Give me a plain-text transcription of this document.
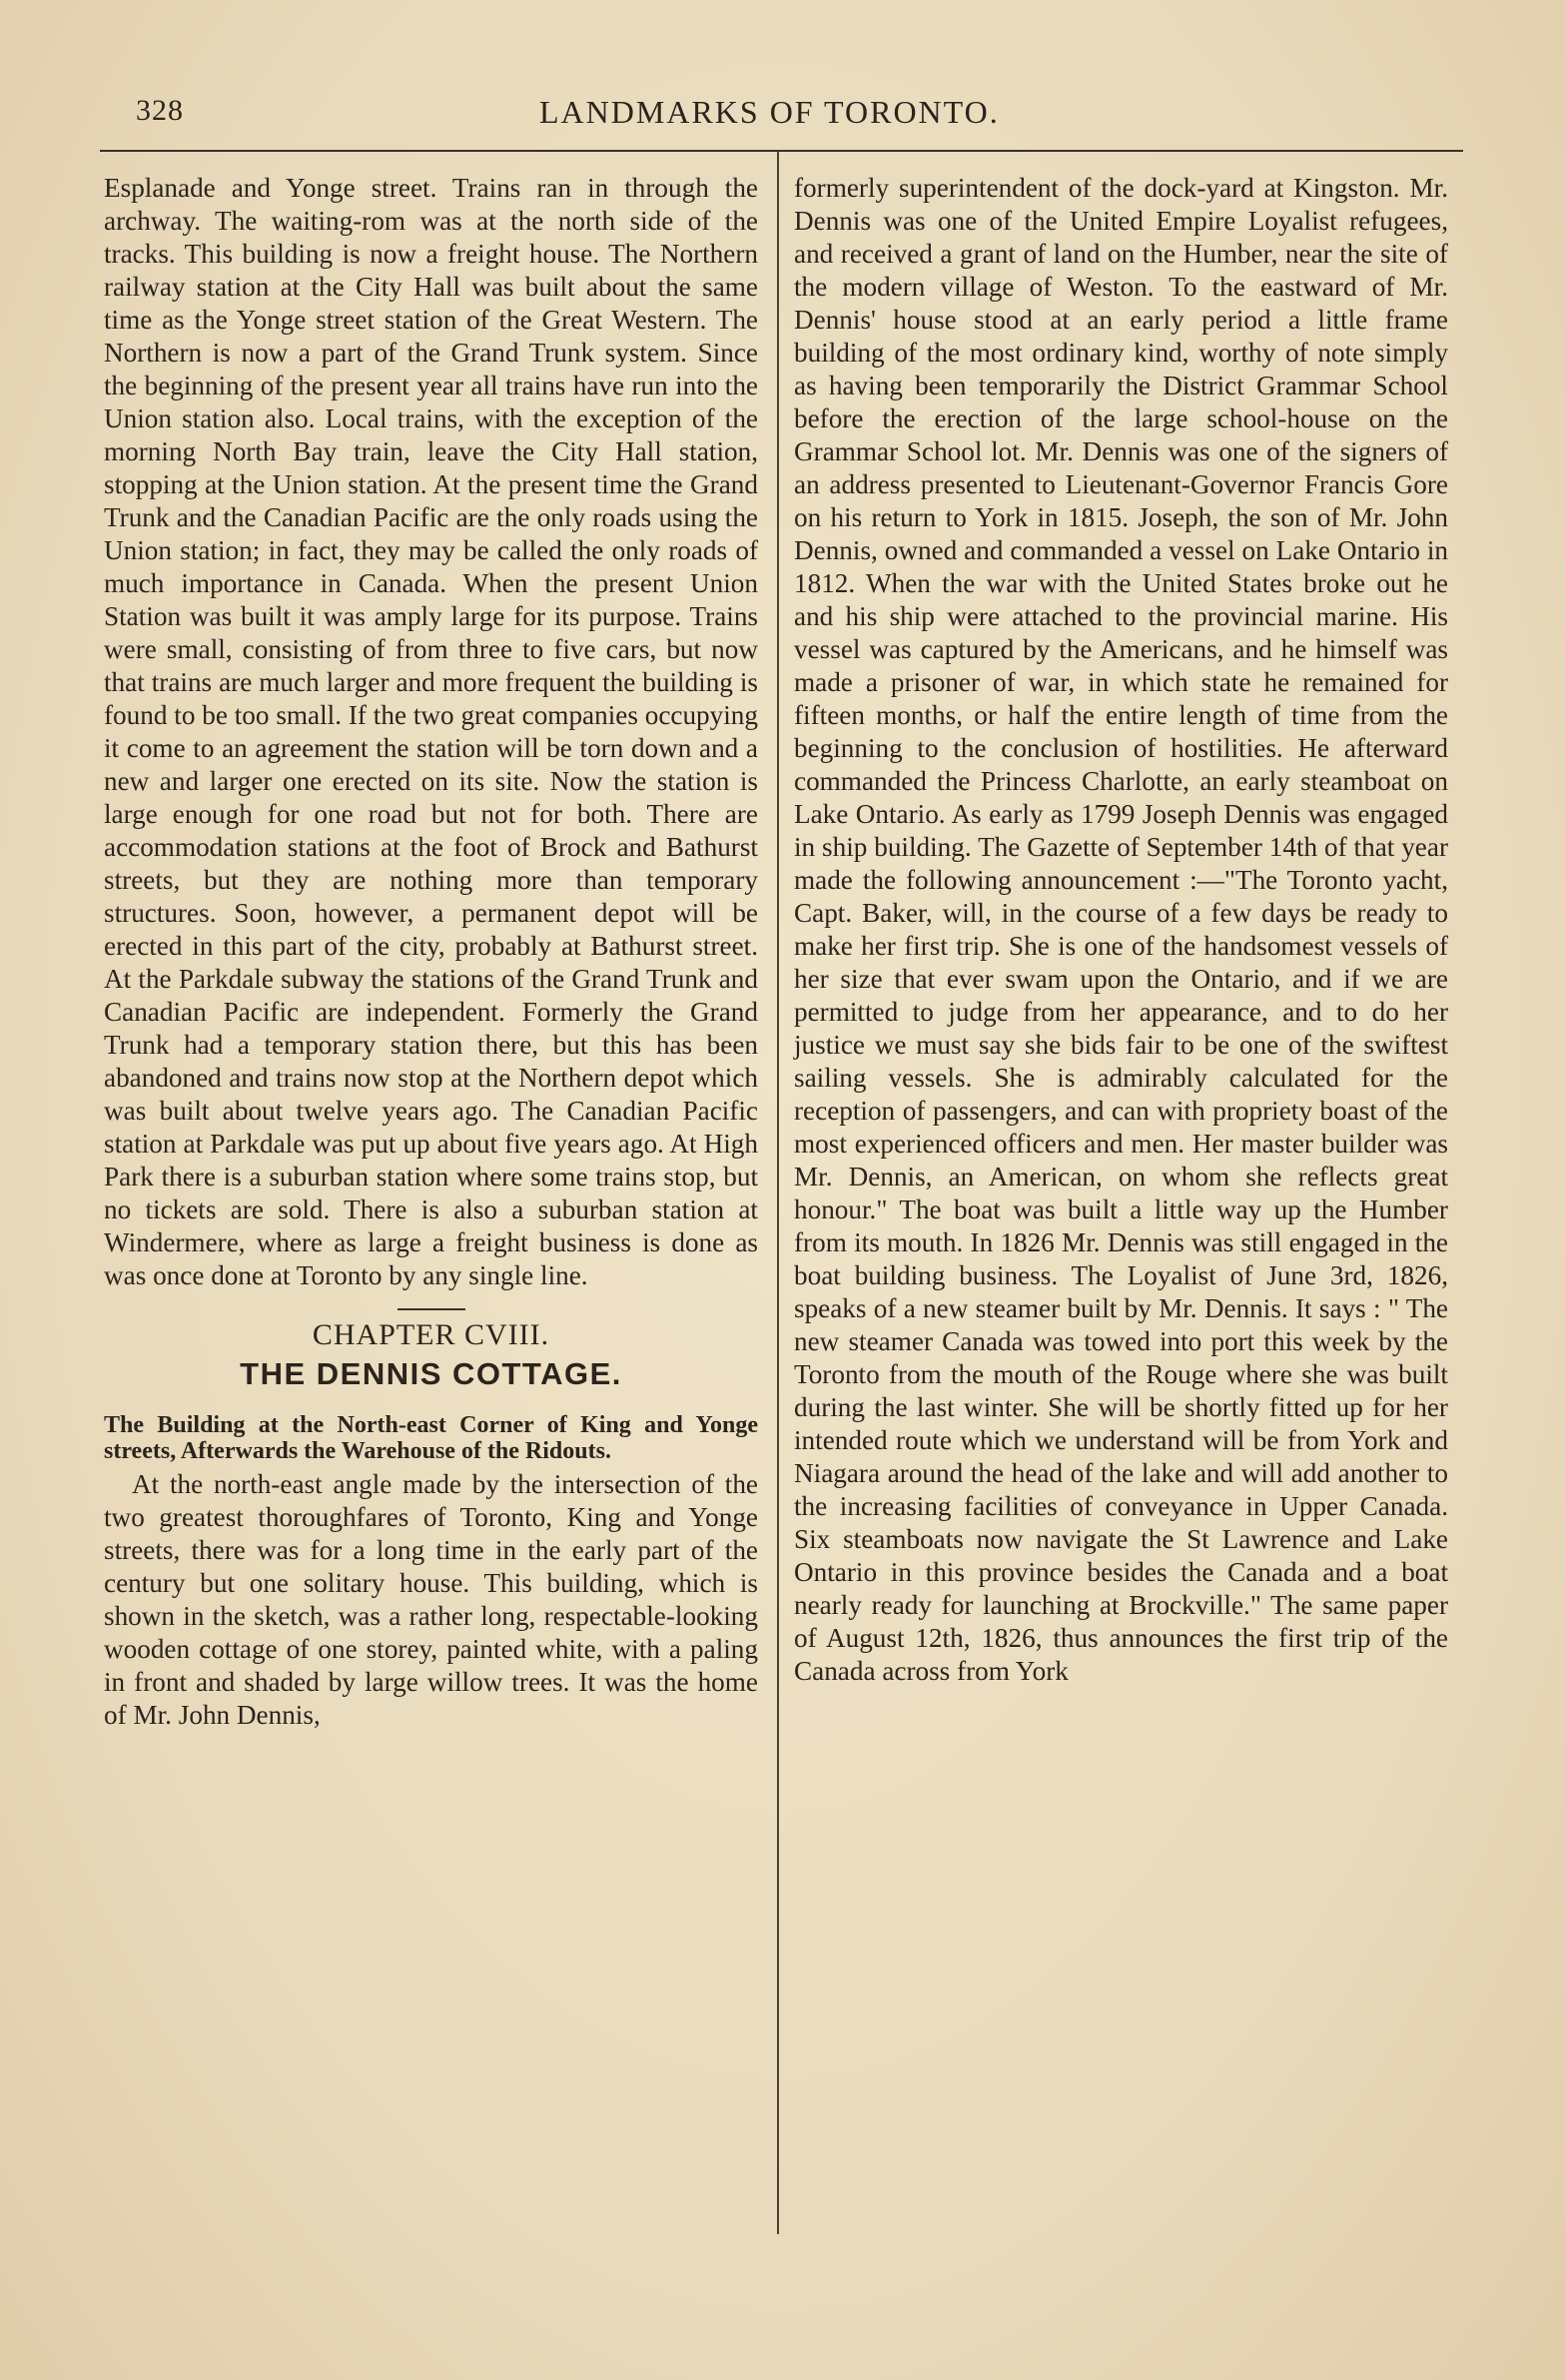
328	LANDMARKS OF TORONTO.

Esplanade and Yonge street. Trains ran in through the archway. The waiting-rom was at the north side of the tracks. This building is now a freight house. The Northern railway station at the City Hall was built about the same time as the Yonge street station of the Great Western. The Northern is now a part of the Grand Trunk system. Since the beginning of the present year all trains have run into the Union station also. Local trains, with the exception of the morning North Bay train, leave the City Hall station, stopping at the Union station. At the present time the Grand Trunk and the Canadian Pacific are the only roads using the Union station; in fact, they may be called the only roads of much importance in Canada. When the present Union Station was built it was amply large for its purpose. Trains were small, consisting of from three to five cars, but now that trains are much larger and more frequent the building is found to be too small. If the two great companies occupying it come to an agreement the station will be torn down and a new and larger one erected on its site. Now the station is large enough for one road but not for both. There are accommodation stations at the foot of Brock and Bathurst streets, but they are nothing more than temporary structures. Soon, however, a permanent depot will be erected in this part of the city, probably at Bathurst street. At the Parkdale subway the stations of the Grand Trunk and Canadian Pacific are independent. Formerly the Grand Trunk had a temporary station there, but this has been abandoned and trains now stop at the Northern depot which was built about twelve years ago. The Canadian Pacific station at Parkdale was put up about five years ago. At High Park there is a suburban station where some trains stop, but no tickets are sold. There is also a suburban station at Windermere, where as large a freight business is done as was once done at Toronto by any single line.

CHAPTER CVIII.
THE DENNIS COTTAGE.
The Building at the North-east Corner of King and Yonge streets, Afterwards the Warehouse of the Ridouts.

At the north-east angle made by the intersection of the two greatest thoroughfares of Toronto, King and Yonge streets, there was for a long time in the early part of the century but one solitary house. This building, which is shown in the sketch, was a rather long, respectable-looking wooden cottage of one storey, painted white, with a paling in front and shaded by large willow trees. It was the home of Mr. John Dennis,

formerly superintendent of the dock-yard at Kingston. Mr. Dennis was one of the United Empire Loyalist refugees, and received a grant of land on the Humber, near the site of the modern village of Weston. To the eastward of Mr. Dennis' house stood at an early period a little frame building of the most ordinary kind, worthy of note simply as having been temporarily the District Grammar School before the erection of the large school-house on the Grammar School lot. Mr. Dennis was one of the signers of an address presented to Lieutenant-Governor Francis Gore on his return to York in 1815. Joseph, the son of Mr. John Dennis, owned and commanded a vessel on Lake Ontario in 1812. When the war with the United States broke out he and his ship were attached to the provincial marine. His vessel was captured by the Americans, and he himself was made a prisoner of war, in which state he remained for fifteen months, or half the entire length of time from the beginning to the conclusion of hostilities. He afterward commanded the Princess Charlotte, an early steamboat on Lake Ontario. As early as 1799 Joseph Dennis was engaged in ship building. The Gazette of September 14th of that year made the following announcement :—"The Toronto yacht, Capt. Baker, will, in the course of a few days be ready to make her first trip. She is one of the handsomest vessels of her size that ever swam upon the Ontario, and if we are permitted to judge from her appearance, and to do her justice we must say she bids fair to be one of the swiftest sailing vessels. She is admirably calculated for the reception of passengers, and can with propriety boast of the most experienced officers and men. Her master builder was Mr. Dennis, an American, on whom she reflects great honour." The boat was built a little way up the Humber from its mouth. In 1826 Mr. Dennis was still engaged in the boat building business. The Loyalist of June 3rd, 1826, speaks of a new steamer built by Mr. Dennis. It says : " The new steamer Canada was towed into port this week by the Toronto from the mouth of the Rouge where she was built during the last winter. She will be shortly fitted up for her intended route which we understand will be from York and Niagara around the head of the lake and will add another to the increasing facilities of conveyance in Upper Canada. Six steamboats now navigate the St Lawrence and Lake Ontario in this province besides the Canada and a boat nearly ready for launching at Brockville." The same paper of August 12th, 1826, thus announces the first trip of the Canada across from York
